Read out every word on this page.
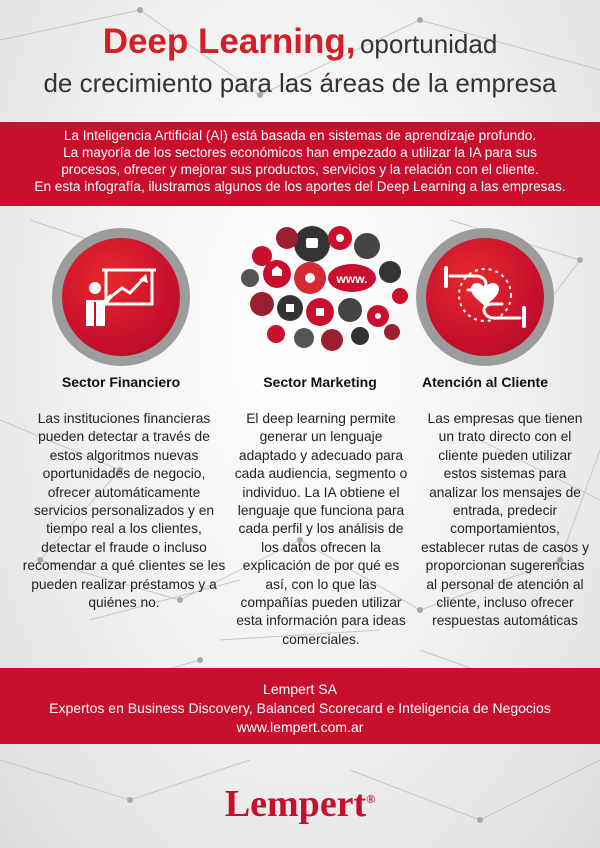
Deep Learning, oportunidad
de crecimiento para las áreas de la empresa
La Inteligencia Artificial (AI) está basada en sistemas de aprendizaje profundo.
La mayoría de los sectores económicos han empezado a utilizar la IA para sus
procesos, ofrecer y mejorar sus productos, servicios y la relación con el cliente.
En esta infografía, ilustramos algunos de los aportes del Deep Learning a las empresas.
www.
Sector Financiero	Sector Marketing	Atención al Cliente
Las instituciones financieras pueden detectar a través de estos algoritmos nuevas oportunidades de negocio, ofrecer automáticamente servicios personalizados y en tiempo real a los clientes, detectar el fraude o incluso recomendar a qué clientes se les pueden realizar préstamos y a quiénes no.
El deep learning permite generar un lenguaje adaptado y adecuado para cada audiencia, segmento o individuo. La IA obtiene el lenguaje que funciona para cada perfil y los análisis de los datos ofrecen la explicación de por qué es así, con lo que las compañías pueden utilizar esta información para ideas comerciales.
Las empresas que tienen un trato directo con el cliente pueden utilizar estos sistemas para analizar los mensajes de entrada, predecir comportamientos, establecer rutas de casos y proporcionan sugerencias al personal de atención al cliente, incluso ofrecer respuestas automáticas
Lempert SA
Expertos en Business Discovery, Balanced Scorecard e Inteligencia de Negocios
www.lempert.com.ar
Lempert®
